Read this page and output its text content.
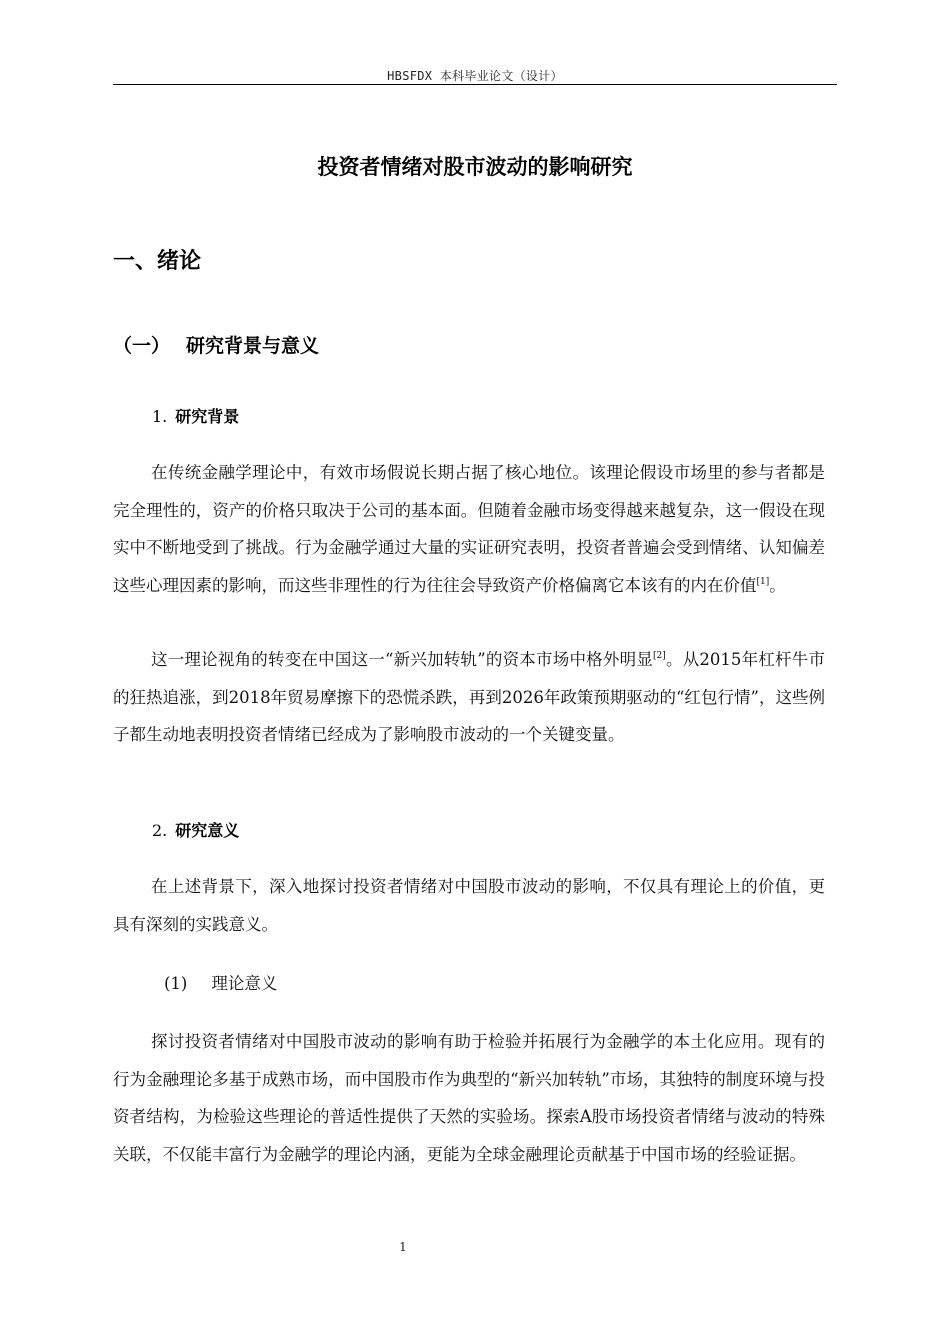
HBSFDX 本科毕业论文（设计）
投资者情绪对股市波动的影响研究
一、绪论
（一） 研究背景与意义
1. 研究背景
在传统金融学理论中，有效市场假说长期占据了核心地位。该理论假设市场里的参与者都是完全理性的，资产的价格只取决于公司的基本面。但随着金融市场变得越来越复杂，这一假设在现实中不断地受到了挑战。行为金融学通过大量的实证研究表明，投资者普遍会受到情绪、认知偏差这些心理因素的影响，而这些非理性的行为往往会导致资产价格偏离它本该有的内在价值[1]。
这一理论视角的转变在中国这一“新兴加转轨”的资本市场中格外明显[2]。从2015年杠杆牛市的狂热追涨，到2018年贸易摩擦下的恐慌杀跌，再到2026年政策预期驱动的“红包行情”，这些例子都生动地表明投资者情绪已经成为了影响股市波动的一个关键变量。
2. 研究意义
在上述背景下，深入地探讨投资者情绪对中国股市波动的影响，不仅具有理论上的价值，更具有深刻的实践意义。
(1) 理论意义
探讨投资者情绪对中国股市波动的影响有助于检验并拓展行为金融学的本土化应用。现有的行为金融理论多基于成熟市场，而中国股市作为典型的“新兴加转轨”市场，其独特的制度环境与投资者结构，为检验这些理论的普适性提供了天然的实验场。探索A股市场投资者情绪与波动的特殊关联，不仅能丰富行为金融学的理论内涵，更能为全球金融理论贡献基于中国市场的经验证据。
1
